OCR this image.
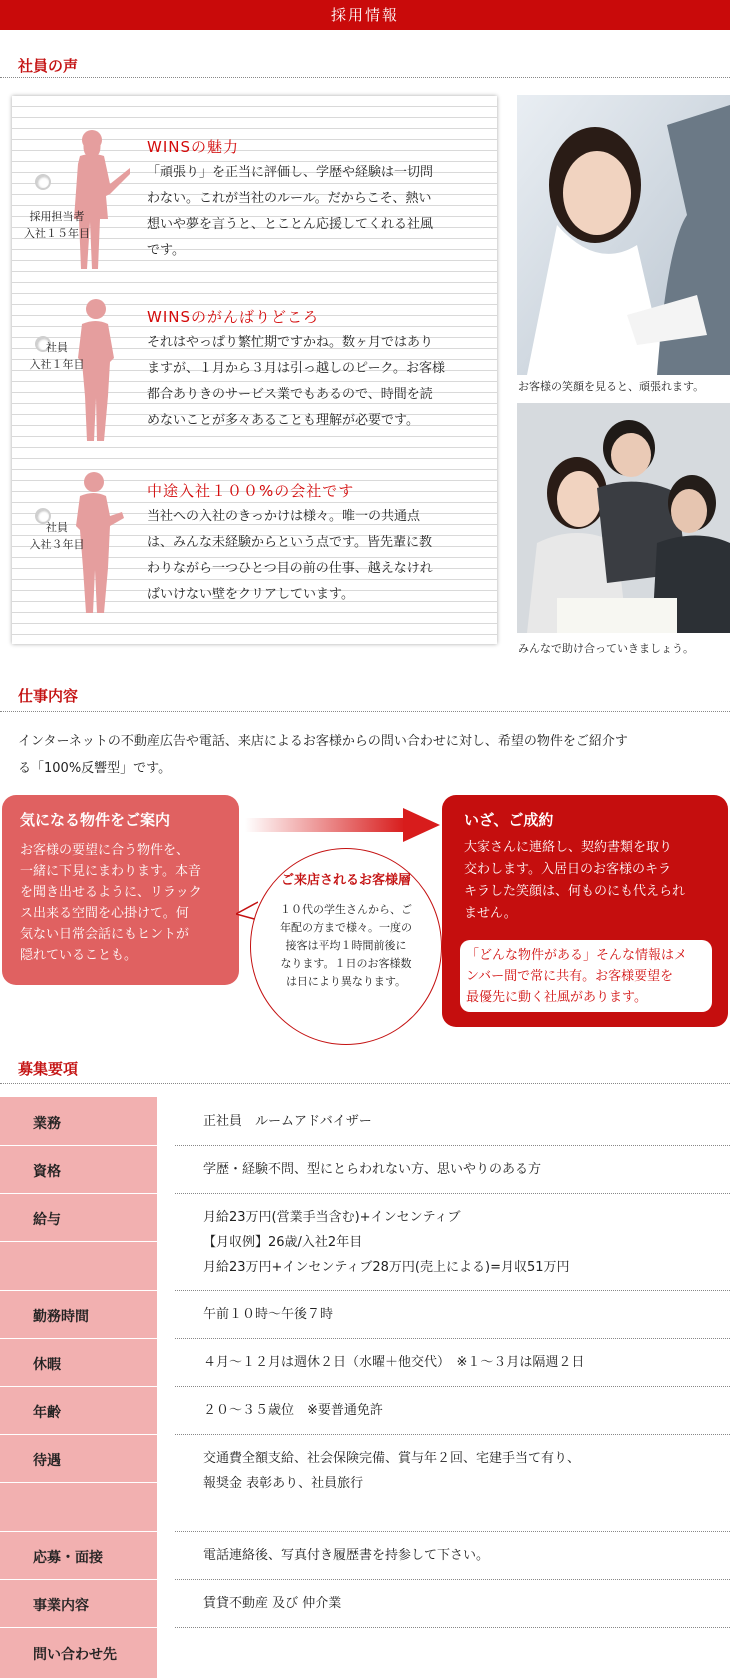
採用情報
社員の声
採用担当者
入社１５年目
WINSの魅力
「頑張り」を正当に評価し、学歴や経験は一切問
わない。これが当社のルール。だからこそ、熱い
想いや夢を言うと、とことん応援してくれる社風
です。
社員
入社１年目
WINSのがんばりどころ
それはやっぱり繁忙期ですかね。数ヶ月ではあり
ますが、１月から３月は引っ越しのピーク。お客様
都合ありきのサービス業でもあるので、時間を読
めないことが多々あることも理解が必要です。
社員
入社３年目
中途入社１００%の会社です
当社への入社のきっかけは様々。唯一の共通点
は、みんな未経験からという点です。皆先輩に教
わりながら一つひとつ目の前の仕事、越えなけれ
ばいけない壁をクリアしています。
お客様の笑顔を見ると、頑張れます。
みんなで助け合っていきましょう。
仕事内容
インターネットの不動産広告や電話、来店によるお客様からの問い合わせに対し、希望の物件をご紹介す
る「100%反響型」です。
気になる物件をご案内
お客様の要望に合う物件を、
一緒に下見にまわります。本音
を聞き出せるように、リラック
ス出来る空間を心掛けて。何
気ない日常会話にもヒントが
隠れていることも。
ご来店されるお客様層
１０代の学生さんから、ご
年配の方まで様々。一度の
接客は平均１時間前後に
なります。１日のお客様数
は日により異なります。
いざ、ご成約
大家さんに連絡し、契約書類を取り
交わします。入居日のお客様のキラ
キラした笑顔は、何ものにも代えられ
ません。
「どんな物件がある」そんな情報はメ
ンバー間で常に共有。お客様要望を
最優先に動く社風があります。
募集要項
業務	正社員　ルームアドバイザー
資格	学歴・経験不問、型にとらわれない方、思いやりのある方
給与	月給23万円(営業手当含む)+インセンティブ
【月収例】26歳/入社2年目
月給23万円+インセンティブ28万円(売上による)=月収51万円
勤務時間	午前１０時～午後７時
休暇	４月～１２月は週休２日（水曜＋他交代）　※１～３月は隔週２日
年齢	２０～３５歳位　※要普通免許
待遇	交通費全額支給、社会保険完備、賞与年２回、宅建手当て有り、
報奨金 表彰あり、社員旅行
応募・面接	電話連絡後、写真付き履歴書を持参して下さい。
事業内容	賃貸不動産 及び 仲介業
問い合わせ先
